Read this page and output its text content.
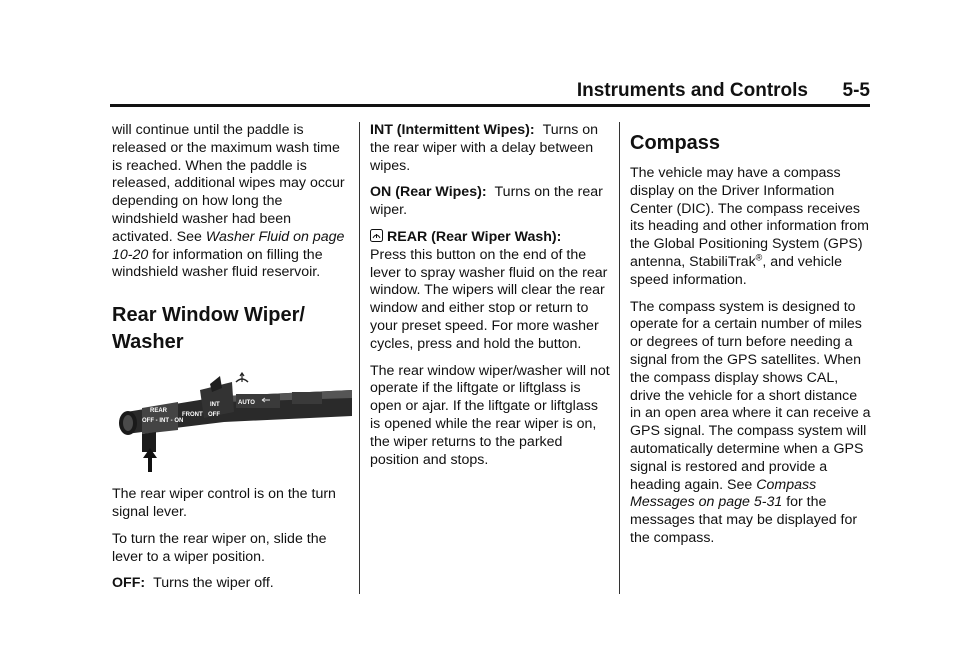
Instruments and Controls 5-5

will continue until the paddle is released or the maximum wash time is reached. When the paddle is released, additional wipes may occur depending on how long the windshield washer had been activated. See Washer Fluid on page 10-20 for information on filling the windshield washer fluid reservoir.

Rear Window Wiper/ Washer
REAR
OFF - INT - ON
INT
FRONT
AUTO
OFF

The rear wiper control is on the turn signal lever.

To turn the rear wiper on, slide the lever to a wiper position.

OFF: Turns the wiper off.

INT (Intermittent Wipes): Turns on the rear wiper with a delay between wipes.

ON (Rear Wipes): Turns on the rear wiper.

REAR (Rear Wiper Wash):
Press this button on the end of the lever to spray washer fluid on the rear window. The wipers will clear the rear window and either stop or return to your preset speed. For more washer cycles, press and hold the button.

The rear window wiper/washer will not operate if the liftgate or liftglass is open or ajar. If the liftgate or liftglass is opened while the rear wiper is on, the wiper returns to the parked position and stops.

Compass

The vehicle may have a compass display on the Driver Information Center (DIC). The compass receives its heading and other information from the Global Positioning System (GPS) antenna, StabiliTrak®, and vehicle speed information.

The compass system is designed to operate for a certain number of miles or degrees of turn before needing a signal from the GPS satellites. When the compass display shows CAL, drive the vehicle for a short distance in an open area where it can receive a GPS signal. The compass system will automatically determine when a GPS signal is restored and provide a heading again. See Compass Messages on page 5-31 for the messages that may be displayed for the compass.
